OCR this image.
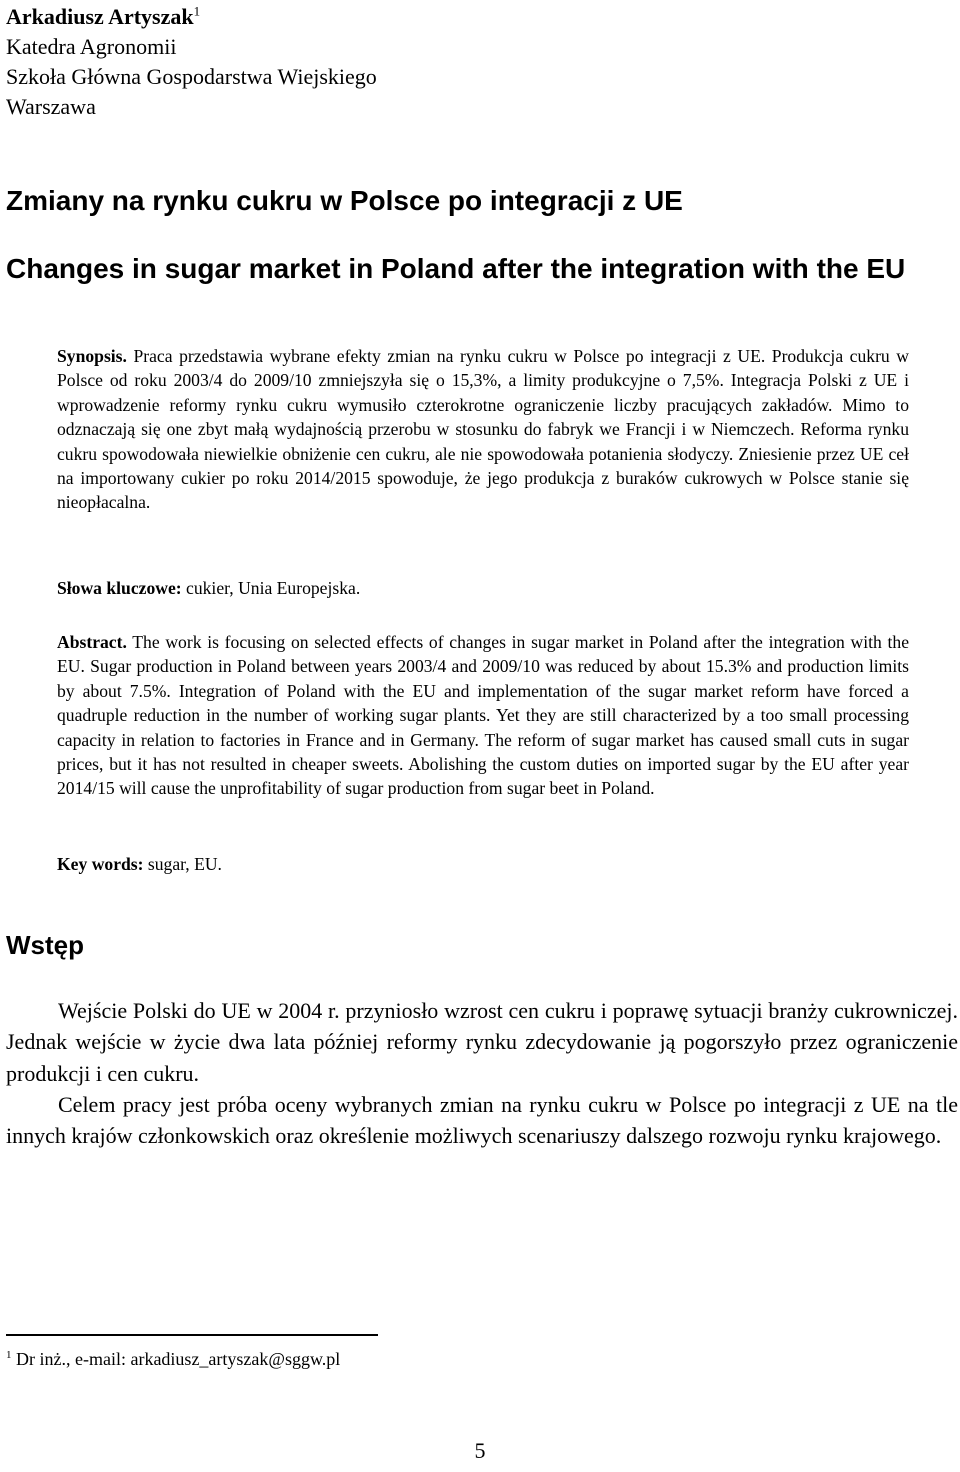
Arkadiusz Artyszak$^1$
Katedra Agronomii
Szkoła Główna Gospodarstwa Wiejskiego
Warszawa
Zmiany na rynku cukru w Polsce po integracji z UE
Changes in sugar market in Poland after the integration with the EU
Synopsis. Praca przedstawia wybrane efekty zmian na rynku cukru w Polsce po integracji z UE. Produkcja cukru w Polsce od roku 2003/4 do 2009/10 zmniejszyła się o 15,3%, a limity produkcyjne o 7,5%. Integracja Polski z UE i wprowadzenie reformy rynku cukru wymusiło czterokrotne ograniczenie liczby pracujących zakładów. Mimo to odznaczają się one zbyt małą wydajnością przerobu w stosunku do fabryk we Francji i w Niemczech. Reforma rynku cukru spowodowała niewielkie obniżenie cen cukru, ale nie spowodowała potanienia słodyczy. Zniesienie przez UE ceł na importowany cukier po roku 2014/2015 spowoduje, że jego produkcja z buraków cukrowych w Polsce stanie się nieopłacalna.
Słowa kluczowe: cukier, Unia Europejska.
Abstract. The work is focusing on selected effects of changes in sugar market in Poland after the integration with the EU. Sugar production in Poland between years 2003/4 and 2009/10 was reduced by about 15.3% and production limits by about 7.5%. Integration of Poland with the EU and implementation of the sugar market reform have forced a quadruple reduction in the number of working sugar plants. Yet they are still characterized by a too small processing capacity in relation to factories in France and in Germany. The reform of sugar market has caused small cuts in sugar prices, but it has not resulted in cheaper sweets. Abolishing the custom duties on imported sugar by the EU after year 2014/15 will cause the unprofitability of sugar production from sugar beet in Poland.
Key words: sugar, EU.
Wstęp

Wejście Polski do UE w 2004 r. przyniosło wzrost cen cukru i poprawę sytuacji branży cukrowniczej. Jednak wejście w życie dwa lata później reformy rynku zdecydowanie ją pogorszyło przez ograniczenie produkcji i cen cukru.

Celem pracy jest próba oceny wybranych zmian na rynku cukru w Polsce po integracji z UE na tle innych krajów członkowskich oraz określenie możliwych scenariuszy dalszego rozwoju rynku krajowego.

$^1$ Dr inż., e-mail: arkadiusz_artyszak@sggw.pl
5
